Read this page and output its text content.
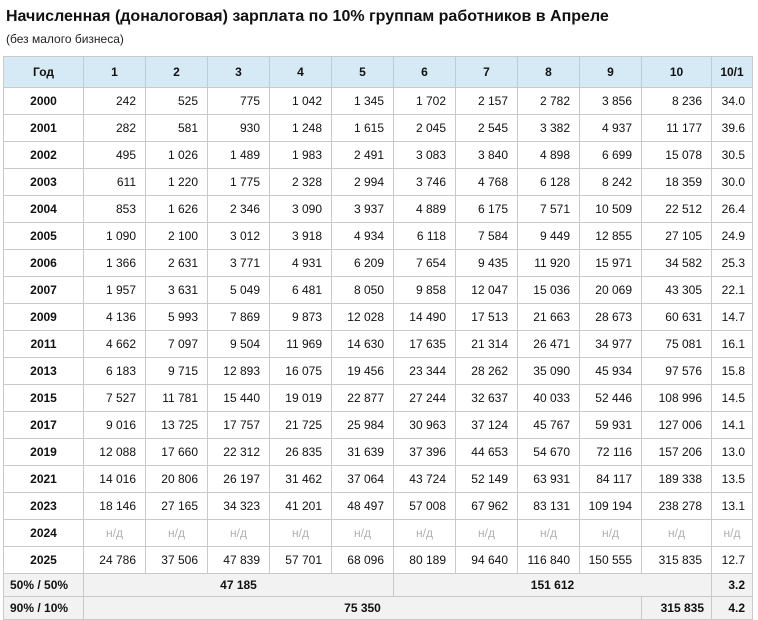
Начисленная (доналоговая) зарплата по 10% группам работников в Апреле
(без малого бизнеса)
Год	1	2	3	4	5	6	7	8	9	10	10/1
2000	242	525	775	1 042	1 345	1 702	2 157	2 782	3 856	8 236	34.0
2001	282	581	930	1 248	1 615	2 045	2 545	3 382	4 937	11 177	39.6
2002	495	1 026	1 489	1 983	2 491	3 083	3 840	4 898	6 699	15 078	30.5
2003	611	1 220	1 775	2 328	2 994	3 746	4 768	6 128	8 242	18 359	30.0
2004	853	1 626	2 346	3 090	3 937	4 889	6 175	7 571	10 509	22 512	26.4
2005	1 090	2 100	3 012	3 918	4 934	6 118	7 584	9 449	12 855	27 105	24.9
2006	1 366	2 631	3 771	4 931	6 209	7 654	9 435	11 920	15 971	34 582	25.3
2007	1 957	3 631	5 049	6 481	8 050	9 858	12 047	15 036	20 069	43 305	22.1
2009	4 136	5 993	7 869	9 873	12 028	14 490	17 513	21 663	28 673	60 631	14.7
2011	4 662	7 097	9 504	11 969	14 630	17 635	21 314	26 471	34 977	75 081	16.1
2013	6 183	9 715	12 893	16 075	19 456	23 344	28 262	35 090	45 934	97 576	15.8
2015	7 527	11 781	15 440	19 019	22 877	27 244	32 637	40 033	52 446	108 996	14.5
2017	9 016	13 725	17 757	21 725	25 984	30 963	37 124	45 767	59 931	127 006	14.1
2019	12 088	17 660	22 312	26 835	31 639	37 396	44 653	54 670	72 116	157 206	13.0
2021	14 016	20 806	26 197	31 462	37 064	43 724	52 149	63 931	84 117	189 338	13.5
2023	18 146	27 165	34 323	41 201	48 497	57 008	67 962	83 131	109 194	238 278	13.1
2024	н/д	н/д	н/д	н/д	н/д	н/д	н/д	н/д	н/д	н/д	н/д
2025	24 786	37 506	47 839	57 701	68 096	80 189	94 640	116 840	150 555	315 835	12.7
50% / 50%	47 185					151 612					3.2
90% / 10%	75 350									315 835	4.2
